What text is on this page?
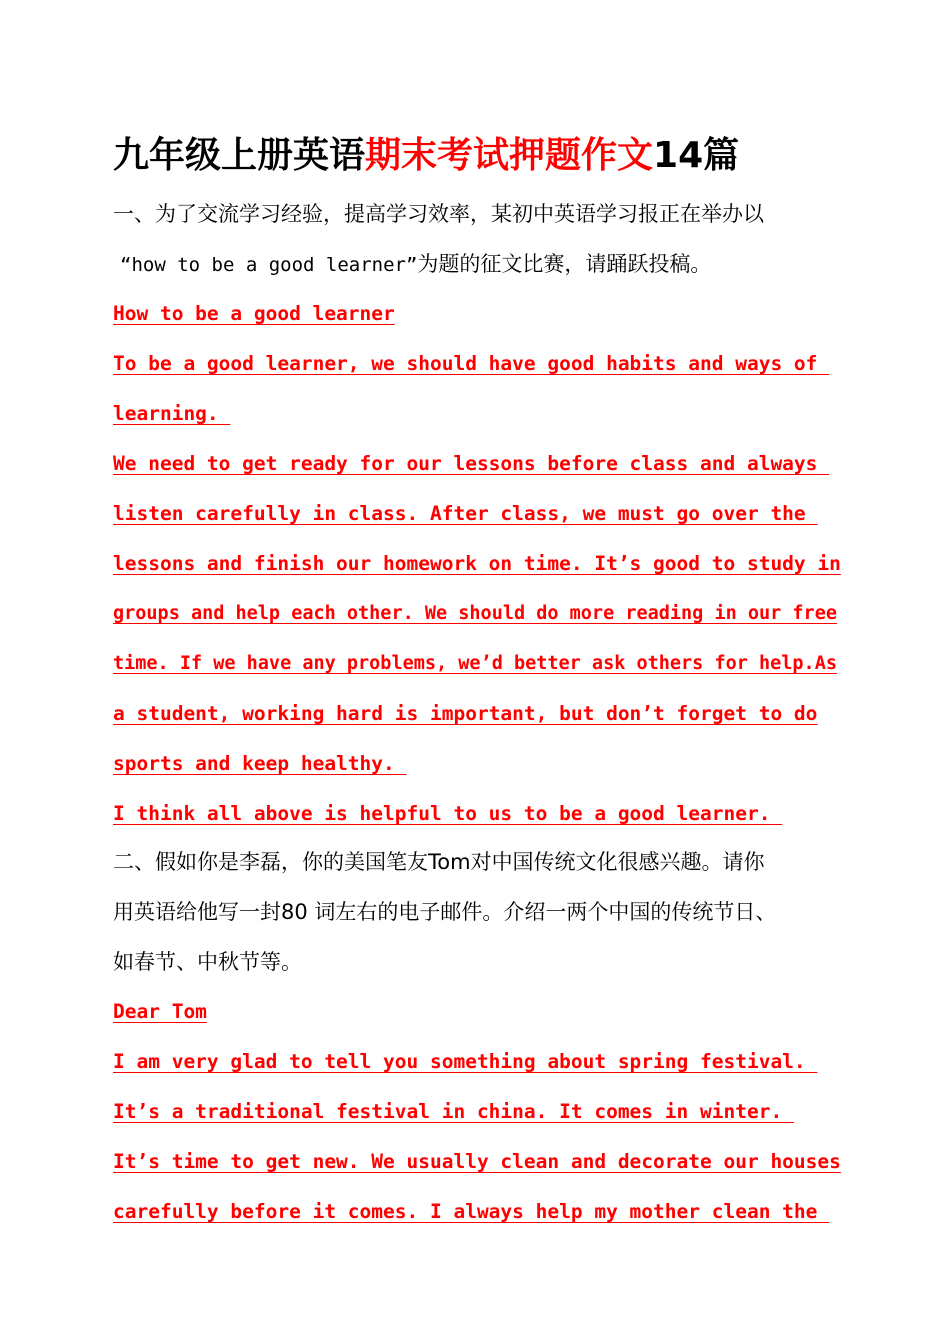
九年级上册英语期末考试押题作文14篇
一、为了交流学习经验，提高学习效率，某初中英语学习报正在举办以
“how to be a good learner”为题的征文比赛，请踊跃投稿。
How to be a good learner
To be a good learner, we should have good habits and ways of
learning.
We need to get ready for our lessons before class and always
listen carefully in class. After class, we must go over the
lessons and finish our homework on time. It’s good to study in
groups and help each other. We should do more reading in our free
time. If we have any problems, we’d better ask others for help.As
a student, working hard is important, but don’t forget to do
sports and keep healthy.
I think all above is helpful to us to be a good learner.
二、假如你是李磊，你的美国笔友Tom对中国传统文化很感兴趣。请你
用英语给他写一封80 词左右的电子邮件。介绍一两个中国的传统节日、
如春节、中秋节等。
Dear Tom
I am very glad to tell you something about spring festival.
It’s a traditional festival in china. It comes in winter.
It’s time to get new. We usually clean and decorate our houses
carefully before it comes. I always help my mother clean the
